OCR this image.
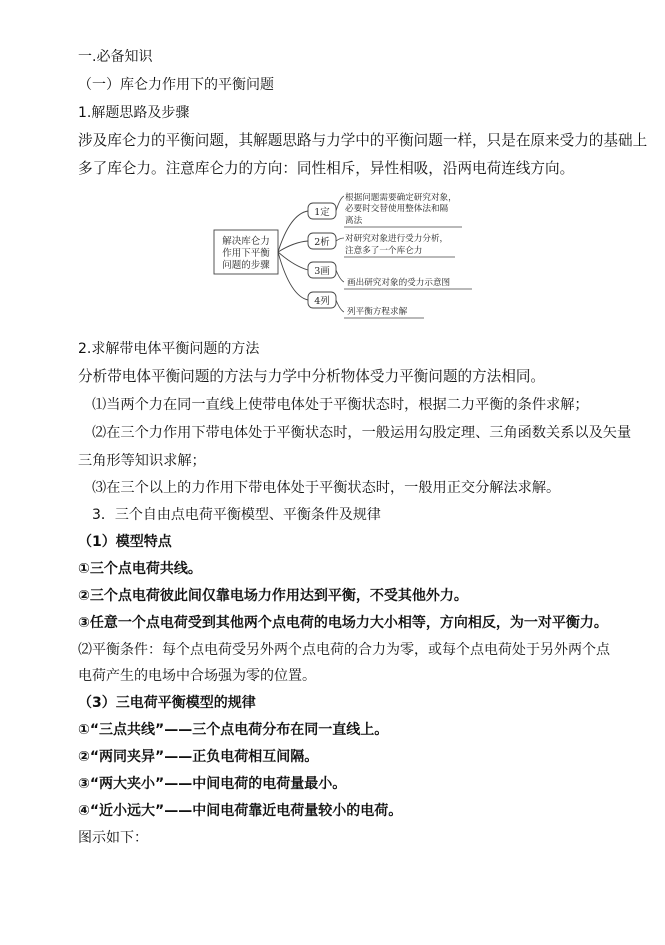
一.必备知识
（一）库仑力作用下的平衡问题
1.解题思路及步骤
涉及库仑力的平衡问题，其解题思路与力学中的平衡问题一样，只是在原来受力的基础上
多了库仑力。注意库仑力的方向：同性相斥，异性相吸，沿两电荷连线方向。
解决库仑力
作用下平衡
问题的步骤
1定
2析
3画
4列
根据问题需要确定研究对象，
必要时交替使用整体法和隔
离法
对研究对象进行受力分析，
注意多了一个库仑力
画出研究对象的受力示意图
列平衡方程求解
2.求解带电体平衡问题的方法
分析带电体平衡问题的方法与力学中分析物体受力平衡问题的方法相同。
⑴当两个力在同一直线上使带电体处于平衡状态时，根据二力平衡的条件求解；
⑵在三个力作用下带电体处于平衡状态时，一般运用勾股定理、三角函数关系以及矢量
三角形等知识求解；
⑶在三个以上的力作用下带电体处于平衡状态时，一般用正交分解法求解。
3．三个自由点电荷平衡模型、平衡条件及规律
（1）模型特点
①三个点电荷共线。
②三个点电荷彼此间仅靠电场力作用达到平衡，不受其他外力。
③任意一个点电荷受到其他两个点电荷的电场力大小相等，方向相反，为一对平衡力。
⑵平衡条件：每个点电荷受另外两个点电荷的合力为零，或每个点电荷处于另外两个点
电荷产生的电场中合场强为零的位置。
（3）三电荷平衡模型的规律
①“三点共线”——三个点电荷分布在同一直线上。
②“两同夹异”——正负电荷相互间隔。
③“两大夹小”——中间电荷的电荷量最小。
④“近小远大”——中间电荷靠近电荷量较小的电荷。
图示如下：
